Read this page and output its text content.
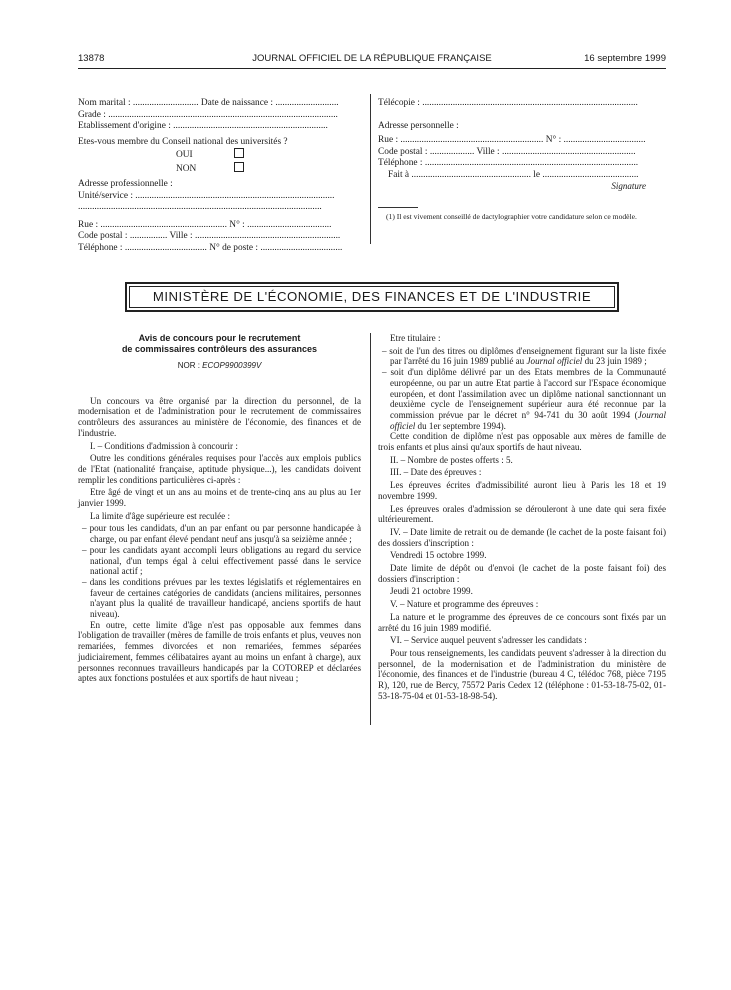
13878	JOURNAL OFFICIEL DE LA RÉPUBLIQUE FRANÇAISE	16 septembre 1999
Nom marital : ............................ Date de naissance : ...........................
Grade : ..................................................................................................
Etablissement d'origine : ..................................................................
Etes-vous membre du Conseil national des universités ?
OUI
NON
Adresse professionnelle :
Unité/service : .....................................................................................
........................................................................................................
Rue : ...................................................... N° : ....................................
Code postal : ................ Ville : ..............................................................
Téléphone : ................................... N° de poste : ...................................
Télécopie : ............................................................................................
Adresse personnelle :
Rue : ............................................................. N° : ...................................
Code postal : ................... Ville : .........................................................
Téléphone : ...........................................................................................
Fait à ................................................... le .........................................
Signature
(1) Il est vivement conseillé de dactylographier votre candidature selon ce modèle.
MINISTÈRE DE L'ÉCONOMIE, DES FINANCES ET DE L'INDUSTRIE
Avis de concours pour le recrutement
de commissaires contrôleurs des assurances
NOR : ECOP9900399V

Un concours va être organisé par la direction du personnel, de la modernisation et de l'administration pour le recrutement de commissaires contrôleurs des assurances au ministère de l'économie, des finances et de l'industrie.

I. – Conditions d'admission à concourir :

Outre les conditions générales requises pour l'accès aux emplois publics de l'Etat (nationalité française, aptitude physique...), les candidats doivent remplir les conditions particulières ci-après :

Etre âgé de vingt et un ans au moins et de trente-cinq ans au plus au 1er janvier 1999.

La limite d'âge supérieure est reculée :

– pour tous les candidats, d'un an par enfant ou par personne handicapée à charge, ou par enfant élevé pendant neuf ans jusqu'à sa seizième année ;

– pour les candidats ayant accompli leurs obligations au regard du service national, d'un temps égal à celui effectivement passé dans le service national actif ;

– dans les conditions prévues par les textes législatifs et réglementaires en faveur de certaines catégories de candidats (anciens militaires, personnes n'ayant plus la qualité de travailleur handicapé, anciens sportifs de haut niveau).

En outre, cette limite d'âge n'est pas opposable aux femmes dans l'obligation de travailler (mères de famille de trois enfants et plus, veuves non remariées, femmes divorcées et non remariées, femmes séparées judiciairement, femmes célibataires ayant au moins un enfant à charge), aux personnes reconnues travailleurs handicapés par la COTOREP et déclarées aptes aux fonctions postulées et aux sportifs de haut niveau ;

Etre titulaire :

– soit de l'un des titres ou diplômes d'enseignement figurant sur la liste fixée par l'arrêté du 16 juin 1989 publié au Journal officiel du 23 juin 1989 ;

– soit d'un diplôme délivré par un des Etats membres de la Communauté européenne, ou par un autre Etat partie à l'accord sur l'Espace économique européen, et dont l'assimilation avec un diplôme national sanctionnant un deuxième cycle de l'enseignement supérieur aura été reconnue par la commission prévue par le décret n° 94-741 du 30 août 1994 (Journal officiel du 1er septembre 1994).

Cette condition de diplôme n'est pas opposable aux mères de famille de trois enfants et plus ainsi qu'aux sportifs de haut niveau.

II. – Nombre de postes offerts : 5.

III. – Date des épreuves :

Les épreuves écrites d'admissibilité auront lieu à Paris les 18 et 19 novembre 1999.

Les épreuves orales d'admission se dérouleront à une date qui sera fixée ultérieurement.

IV. – Date limite de retrait ou de demande (le cachet de la poste faisant foi) des dossiers d'inscription :

Vendredi 15 octobre 1999.

Date limite de dépôt ou d'envoi (le cachet de la poste faisant foi) des dossiers d'inscription :

Jeudi 21 octobre 1999.

V. – Nature et programme des épreuves :

La nature et le programme des épreuves de ce concours sont fixés par un arrêté du 16 juin 1989 modifié.

VI. – Service auquel peuvent s'adresser les candidats :

Pour tous renseignements, les candidats peuvent s'adresser à la direction du personnel, de la modernisation et de l'administration du ministère de l'économie, des finances et de l'industrie (bureau 4 C, télédoc 768, pièce 7195 R), 120, rue de Bercy, 75572 Paris Cedex 12 (téléphone : 01-53-18-75-02, 01-53-18-75-04 et 01-53-18-98-54).
